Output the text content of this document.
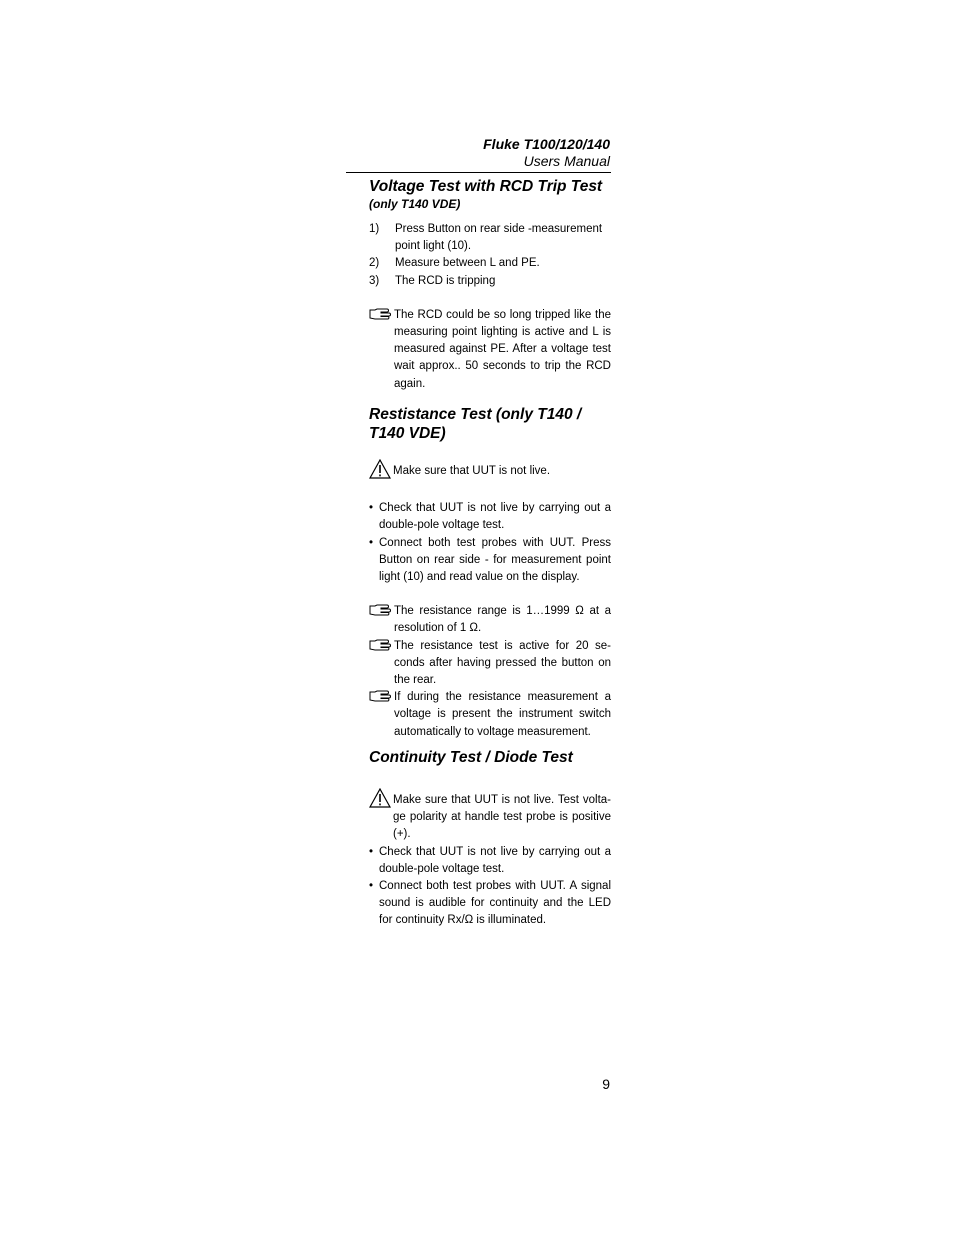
Fluke T100/120/140
Users Manual
Voltage Test with RCD Trip Test
(only T140 VDE)
1)	Press Button on rear side -measurement point light (10).
2)	Measure between L and PE.
3)	The RCD is tripping
The RCD could be so long tripped like the measuring point lighting is active and L is measured against PE. After a voltage test wait approx.. 50 seconds to trip the RCD again.
Restistance Test (only T140 / T140 VDE)
Make sure that UUT is not live.
• Check that UUT is not live by carrying out a double-pole voltage test.
• Connect both test probes with UUT. Press Button on rear side - for measurement point light (10) and read value on the display.
The resistance range is 1…1999 Ω at a resolution of 1 Ω.
The resistance test is active for 20 se-conds after having pressed the button on the rear.
If during the resistance measurement a voltage is present the instrument switch automatically to voltage measurement.
Continuity Test / Diode Test
Make sure that UUT is not live. Test volta-ge polarity at handle test probe is positive (+).
• Check that UUT is not live by carrying out a double-pole voltage test.
• Connect both test probes with UUT. A signal sound is audible for continuity and the LED for continuity Rx/Ω is illuminated.
9
